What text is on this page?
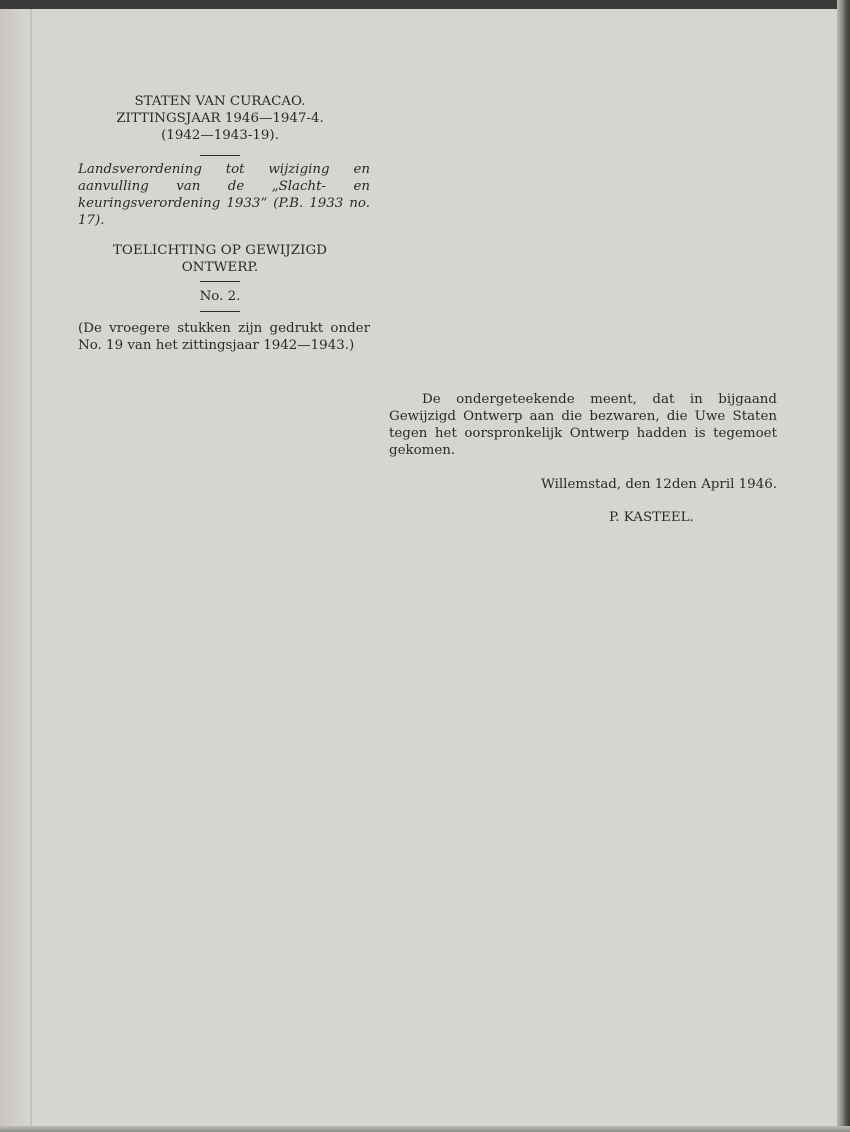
STATEN VAN CURACAO.
ZITTINGSJAAR 1946—1947-4.
(1942—1943-19).

Landsverordening tot wijziging en aanvulling van de „Slacht- en keuringsverordening 1933” (P.B. 1933 no. 17).

TOELICHTING OP GEWIJZIGD
ONTWERP.
No. 2.

(De vroegere stukken zijn gedrukt onder No. 19 van het zittingsjaar 1942—1943.)

De ondergeteekende meent, dat in bijgaand Gewijzigd Ontwerp aan die bezwaren, die Uwe Staten tegen het oorspronkelijk Ontwerp hadden is tegemoet gekomen.

Willemstad, den 12den April 1946.

P. KASTEEL.
